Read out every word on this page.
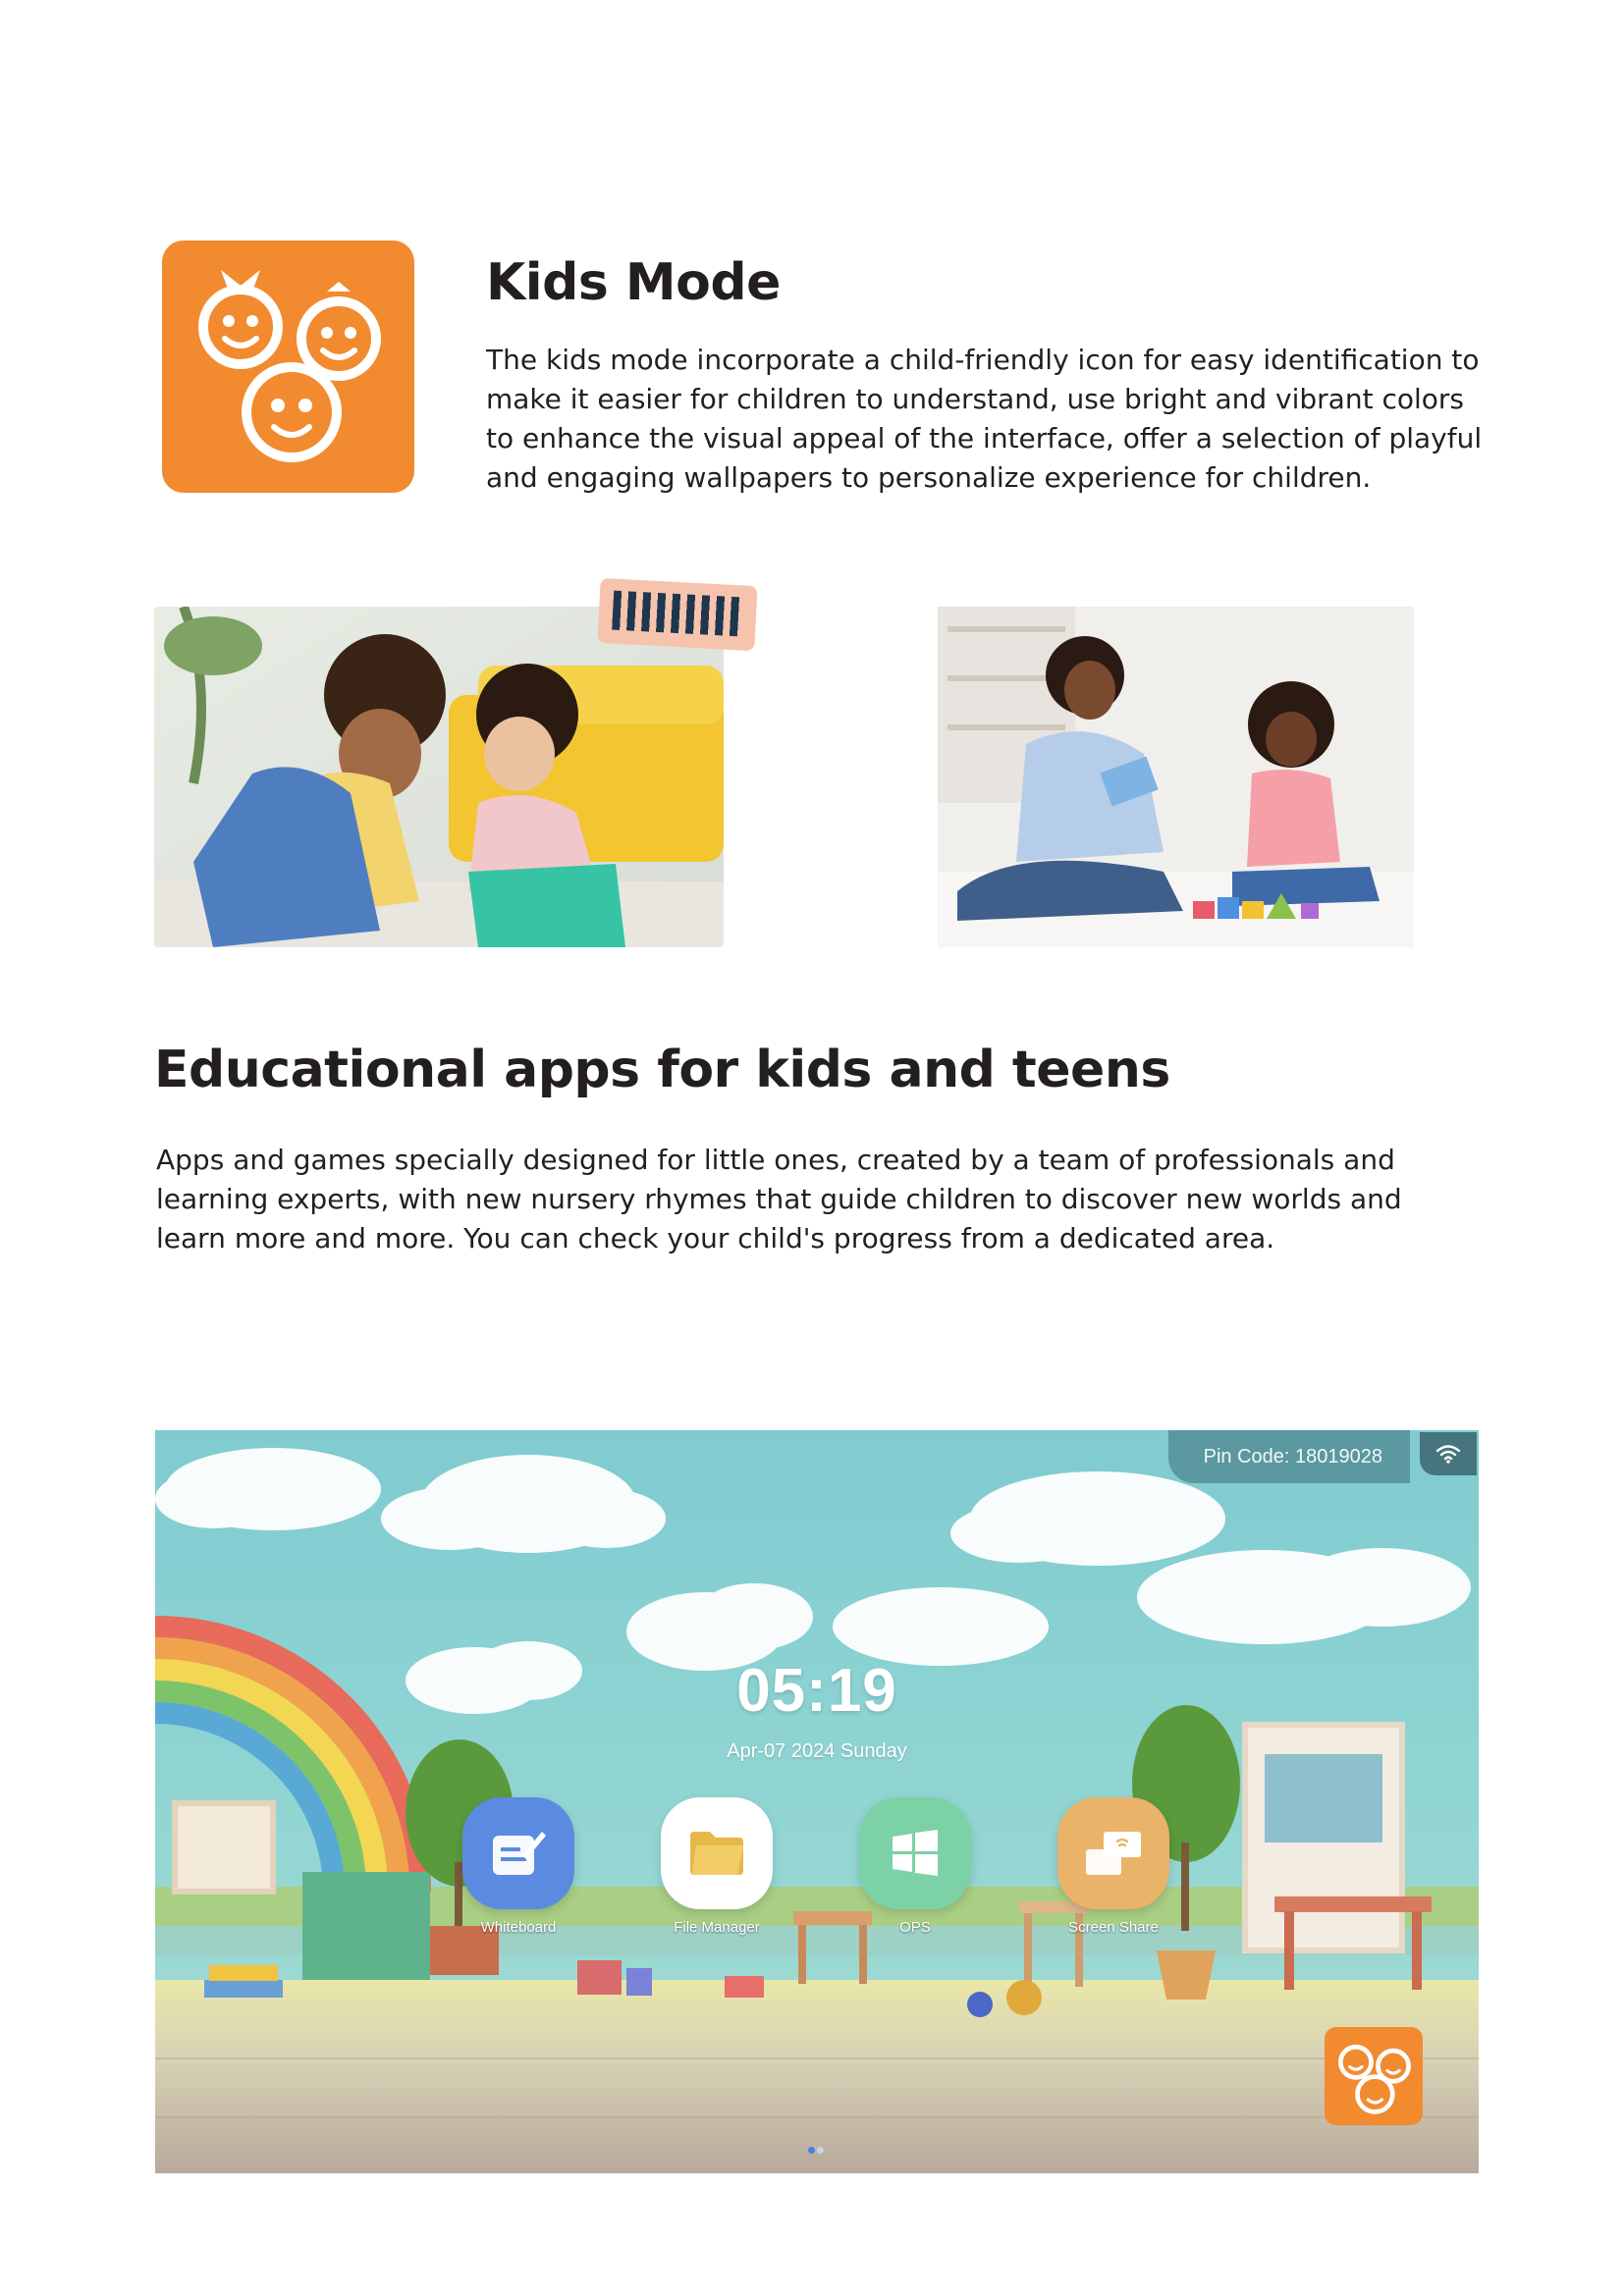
Kids Mode
The kids mode incorporate a child-friendly icon for easy identification to make it easier for children to understand, use bright and vibrant colors to enhance the visual appeal of the interface, offer a selection of playful and engaging wallpapers to personalize experience for children.
Educational apps for kids and teens
Apps and games specially designed for little ones, created by a team of professionals and learning experts, with new nursery rhymes that guide children to discover new worlds and learn more and more. You can check your child's progress from a dedicated area.
Pin Code: 18019028
05:19
Apr-07 2024 Sunday
Whiteboard	File Manager	OPS	Screen Share
